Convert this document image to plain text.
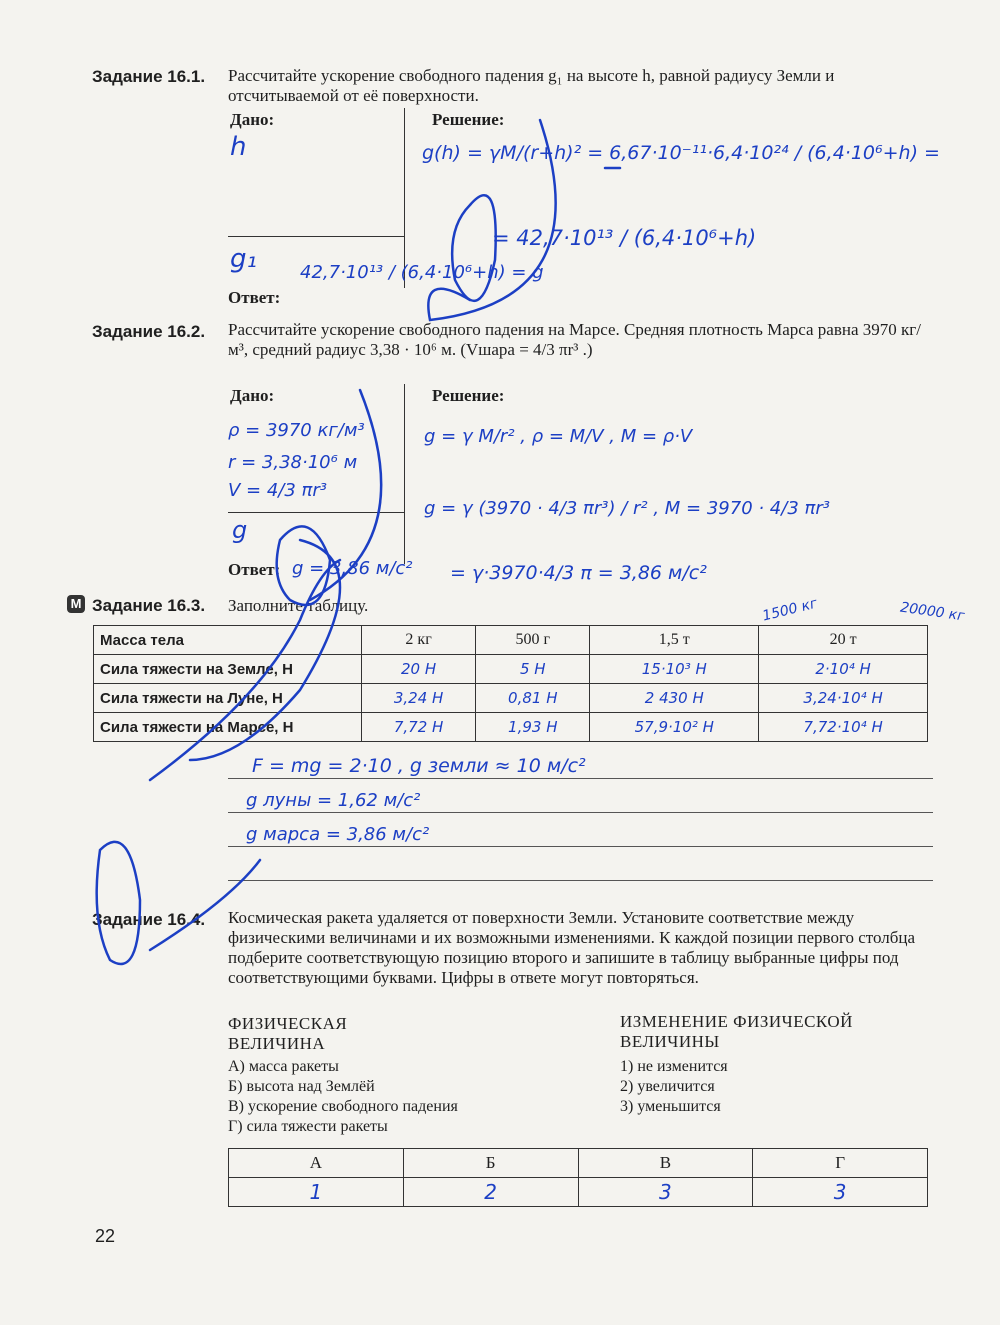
Задание 16.1. Рассчитайте ускорение свободного падения g₁ на высоте h, равной радиусу Земли и отсчитываемой от её поверхности.
Дано:	Решение:
Ответ:
h
g₁
g(h) = γM/(r+h)² = 6,67·10⁻¹¹·6,4·10²⁴ / (6,4·10⁶+h) =
= 42,7·10¹³ / (6,4·10⁶+h)
42,7·10¹³ / (6,4·10⁶+h) = g
Задание 16.2. Рассчитайте ускорение свободного падения на Марсе. Средняя плотность Марса равна 3970 кг/м³, средний радиус 3,38 · 10⁶ м. (Vшара = 4/3 πr³ .)
Дано:	Решение:
Ответ:
ρ = 3970 кг/м³
r = 3,38·10⁶ м
V = 4/3 πr³
g
g = γ M/r² , ρ = M/V , M = ρ·V
g = γ (3970 · 4/3 πr³) / r² , M = 3970 · 4/3 πr³
g = 3,86 м/с² = γ·3970·4/3 π = 3,86 м/с²
М Задание 16.3. Заполните таблицу.	1500 кг	20000 кг
Масса тела	2 кг	500 г	1,5 т	20 т
Сила тяжести на Земле, Н	20 Н	5 Н	15·10³ Н	2·10⁴ Н
Сила тяжести на Луне, Н	3,24 Н	0,81 Н	2 430 Н	3,24·10⁴ Н
Сила тяжести на Марсе, Н	7,72 Н	1,93 Н	57,9·10² Н	7,72·10⁴ Н
F = mg = 2·10 , g земли ≈ 10 м/с²
g луны = 1,62 м/с²
g марса = 3,86 м/с²
Задание 16.4. Космическая ракета удаляется от поверхности Земли. Установите соответствие между физическими величинами и их возможными изменениями. К каждой позиции первого столбца подберите соответствующую позицию второго и запишите в таблицу выбранные цифры под соответствующими буквами. Цифры в ответе могут повторяться.
ФИЗИЧЕСКАЯ ВЕЛИЧИНА
ИЗМЕНЕНИЕ ФИЗИЧЕСКОЙ ВЕЛИЧИНЫ
А) масса ракеты
Б) высота над Землёй
В) ускорение свободного падения
Г) сила тяжести ракеты
1) не изменится
2) увеличится
3) уменьшится
А	Б	В	Г
1	2	3	3
22
